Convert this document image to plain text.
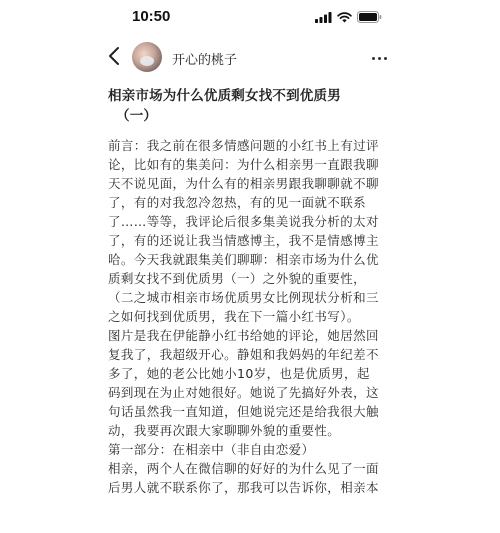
10:50
开心的桃子
相亲市场为什么优质剩女找不到优质男
（一）
前言：我之前在很多情感问题的小红书上有过评
论，比如有的集美问：为什么相亲男一直跟我聊
天不说见面，为什么有的相亲男跟我聊聊就不聊
了，有的对我忽冷忽热，有的见一面就不联系
了……等等，我评论后很多集美说我分析的太对
了，有的还说让我当情感博主，我不是情感博主
哈。今天我就跟集美们聊聊：相亲市场为什么优
质剩女找不到优质男（一）之外貌的重要性，
（二之城市相亲市场优质男女比例现状分析和三
之如何找到优质男，我在下一篇小红书写）。
图片是我在伊能静小红书给她的评论，她居然回
复我了，我超级开心。静姐和我妈妈的年纪差不
多了，她的老公比她小10岁，也是优质男，起
码到现在为止对她很好。她说了先搞好外表，这
句话虽然我一直知道，但她说完还是给我很大触
动，我要再次跟大家聊聊外貌的重要性。
第一部分：在相亲中（非自由恋爱）
相亲，两个人在微信聊的好好的为什么见了一面
后男人就不联系你了，那我可以告诉你，相亲本
